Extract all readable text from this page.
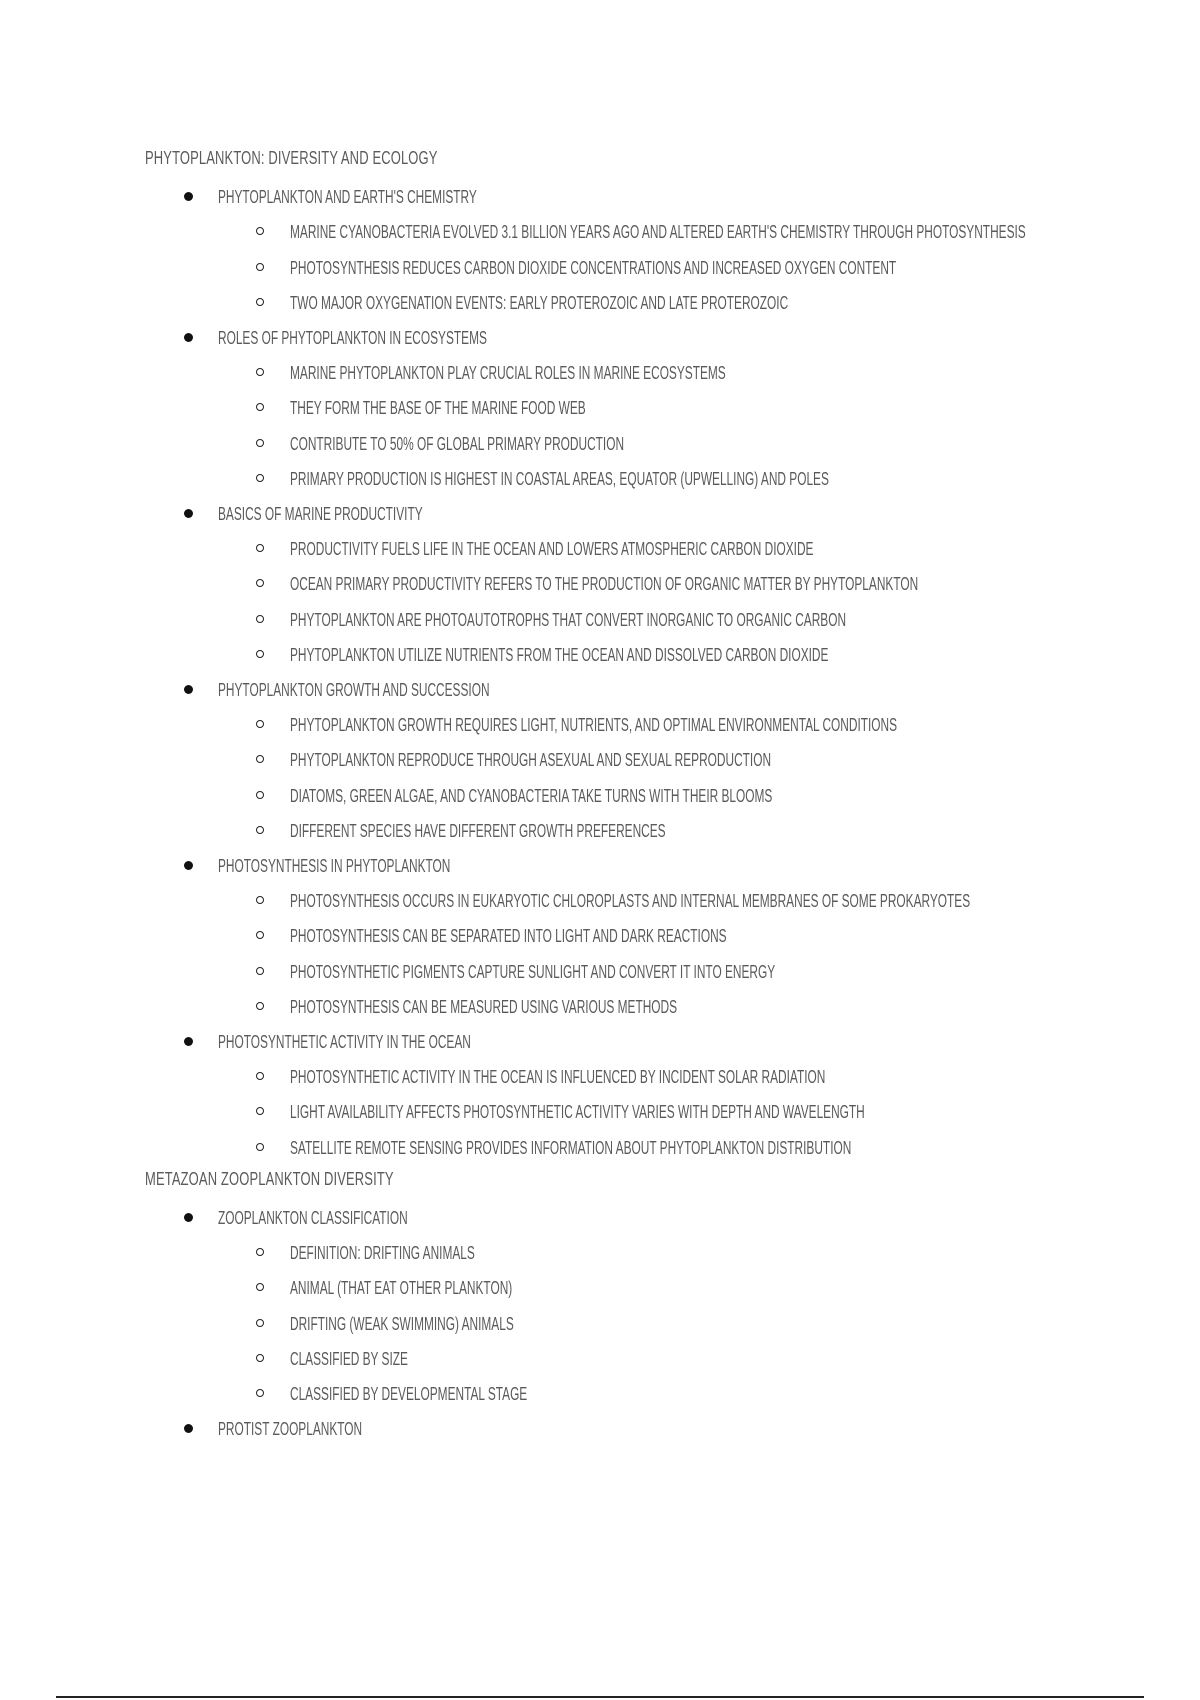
PHYTOPLANKTON: DIVERSITY AND ECOLOGY
PHYTOPLANKTON AND EARTH'S CHEMISTRY
MARINE CYANOBACTERIA EVOLVED 3.1 BILLION YEARS AGO AND ALTERED EARTH'S CHEMISTRY THROUGH PHOTOSYNTHESIS
PHOTOSYNTHESIS REDUCES CARBON DIOXIDE CONCENTRATIONS AND INCREASED OXYGEN CONTENT
TWO MAJOR OXYGENATION EVENTS: EARLY PROTEROZOIC AND LATE PROTEROZOIC
ROLES OF PHYTOPLANKTON IN ECOSYSTEMS
MARINE PHYTOPLANKTON PLAY CRUCIAL ROLES IN MARINE ECOSYSTEMS
THEY FORM THE BASE OF THE MARINE FOOD WEB
CONTRIBUTE TO 50% OF GLOBAL PRIMARY PRODUCTION
PRIMARY PRODUCTION IS HIGHEST IN COASTAL AREAS, EQUATOR (UPWELLING) AND POLES
BASICS OF MARINE PRODUCTIVITY
PRODUCTIVITY FUELS LIFE IN THE OCEAN AND LOWERS ATMOSPHERIC CARBON DIOXIDE
OCEAN PRIMARY PRODUCTIVITY REFERS TO THE PRODUCTION OF ORGANIC MATTER BY PHYTOPLANKTON
PHYTOPLANKTON ARE PHOTOAUTOTROPHS THAT CONVERT INORGANIC TO ORGANIC CARBON
PHYTOPLANKTON UTILIZE NUTRIENTS FROM THE OCEAN AND DISSOLVED CARBON DIOXIDE
PHYTOPLANKTON GROWTH AND SUCCESSION
PHYTOPLANKTON GROWTH REQUIRES LIGHT, NUTRIENTS, AND OPTIMAL ENVIRONMENTAL CONDITIONS
PHYTOPLANKTON REPRODUCE THROUGH ASEXUAL AND SEXUAL REPRODUCTION
DIATOMS, GREEN ALGAE, AND CYANOBACTERIA TAKE TURNS WITH THEIR BLOOMS
DIFFERENT SPECIES HAVE DIFFERENT GROWTH PREFERENCES
PHOTOSYNTHESIS IN PHYTOPLANKTON
PHOTOSYNTHESIS OCCURS IN EUKARYOTIC CHLOROPLASTS AND INTERNAL MEMBRANES OF SOME PROKARYOTES
PHOTOSYNTHESIS CAN BE SEPARATED INTO LIGHT AND DARK REACTIONS
PHOTOSYNTHETIC PIGMENTS CAPTURE SUNLIGHT AND CONVERT IT INTO ENERGY
PHOTOSYNTHESIS CAN BE MEASURED USING VARIOUS METHODS
PHOTOSYNTHETIC ACTIVITY IN THE OCEAN
PHOTOSYNTHETIC ACTIVITY IN THE OCEAN IS INFLUENCED BY INCIDENT SOLAR RADIATION
LIGHT AVAILABILITY AFFECTS PHOTOSYNTHETIC ACTIVITY VARIES WITH DEPTH AND WAVELENGTH
SATELLITE REMOTE SENSING PROVIDES INFORMATION ABOUT PHYTOPLANKTON DISTRIBUTION
METAZOAN ZOOPLANKTON DIVERSITY
ZOOPLANKTON CLASSIFICATION
DEFINITION: DRIFTING ANIMALS
ANIMAL (THAT EAT OTHER PLANKTON)
DRIFTING (WEAK SWIMMING) ANIMALS
CLASSIFIED BY SIZE
CLASSIFIED BY DEVELOPMENTAL STAGE
PROTIST ZOOPLANKTON
